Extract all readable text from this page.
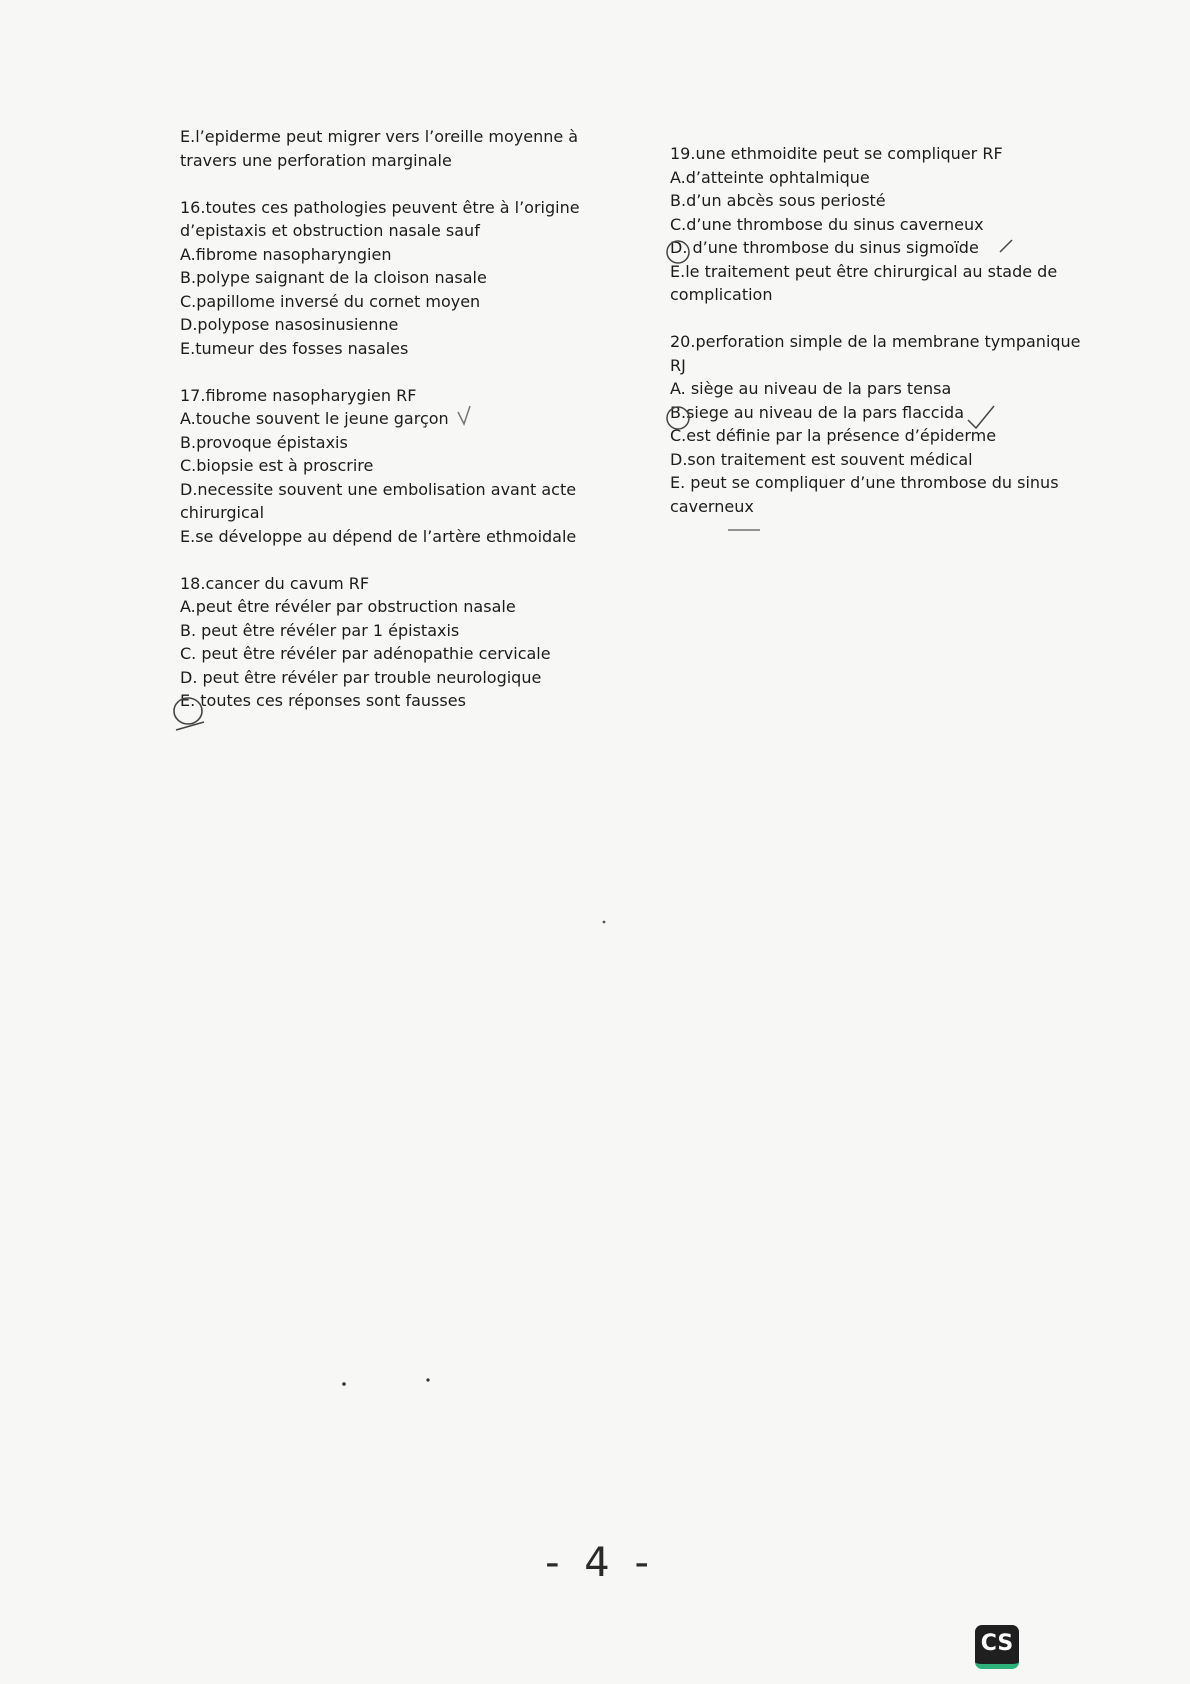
E.l’epiderme peut migrer vers l’oreille moyenne à
travers une perforation marginale
16.toutes ces pathologies peuvent être à l’origine
d’epistaxis et obstruction nasale sauf
A.fibrome nasopharyngien
B.polype saignant de la cloison nasale
C.papillome inversé du cornet moyen
D.polypose nasosinusienne
E.tumeur des fosses nasales
17.fibrome nasopharygien RF
A.touche souvent le jeune garçon
B.provoque épistaxis
C.biopsie est à proscrire
D.necessite souvent une embolisation avant acte
chirurgical
E.se développe au dépend de l’artère ethmoidale
18.cancer du cavum RF
A.peut être révéler par obstruction nasale
B. peut être révéler par 1 épistaxis
C. peut être révéler par adénopathie cervicale
D. peut être révéler par trouble neurologique
E. toutes ces réponses sont fausses
19.une ethmoidite peut se compliquer RF
A.d’atteinte ophtalmique
B.d’un abcès sous periosté
C.d’une thrombose du sinus caverneux
D. d’une thrombose du sinus sigmoïde
E.le traitement peut être chirurgical au stade de
complication
20.perforation simple de la membrane tympanique
RJ
A. siège au niveau de la pars tensa
B.siege au niveau de la pars flaccida
C.est définie par la présence d’épiderme
D.son traitement est souvent médical
E. peut se compliquer d’une thrombose du sinus
caverneux
- 4 -
CS
